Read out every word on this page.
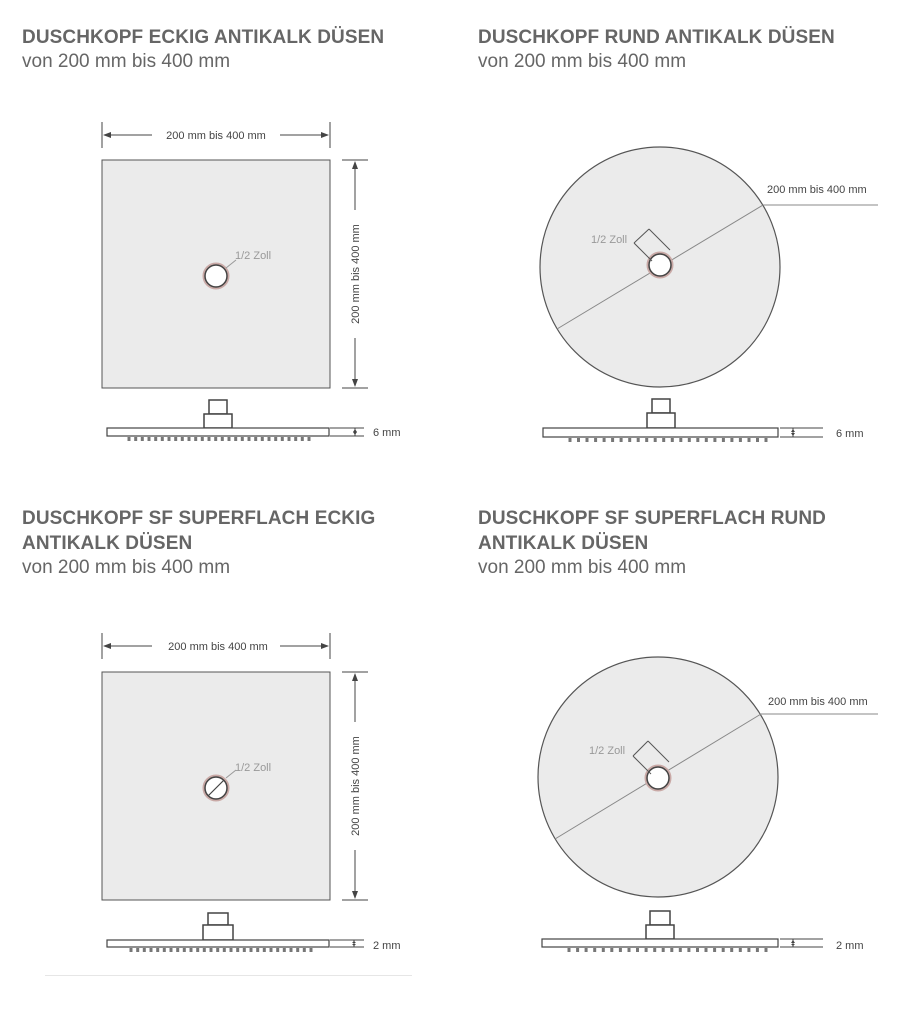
DUSCHKOPF ECKIG ANTIKALK DÜSEN
von 200 mm bis 400 mm
200 mm bis 400 mm
200 mm bis 400 mm
1/2 Zoll
6 mm
DUSCHKOPF RUND ANTIKALK DÜSEN
von 200 mm bis 400 mm
200 mm bis 400 mm
1/2 Zoll
6 mm
DUSCHKOPF SF SUPERFLACH ECKIG
ANTIKALK DÜSEN
von 200 mm bis 400 mm
200 mm bis 400 mm
200 mm bis 400 mm
1/2 Zoll
2 mm
DUSCHKOPF SF SUPERFLACH RUND
ANTIKALK DÜSEN
von 200 mm bis 400 mm
200 mm bis 400 mm
1/2 Zoll
2 mm
